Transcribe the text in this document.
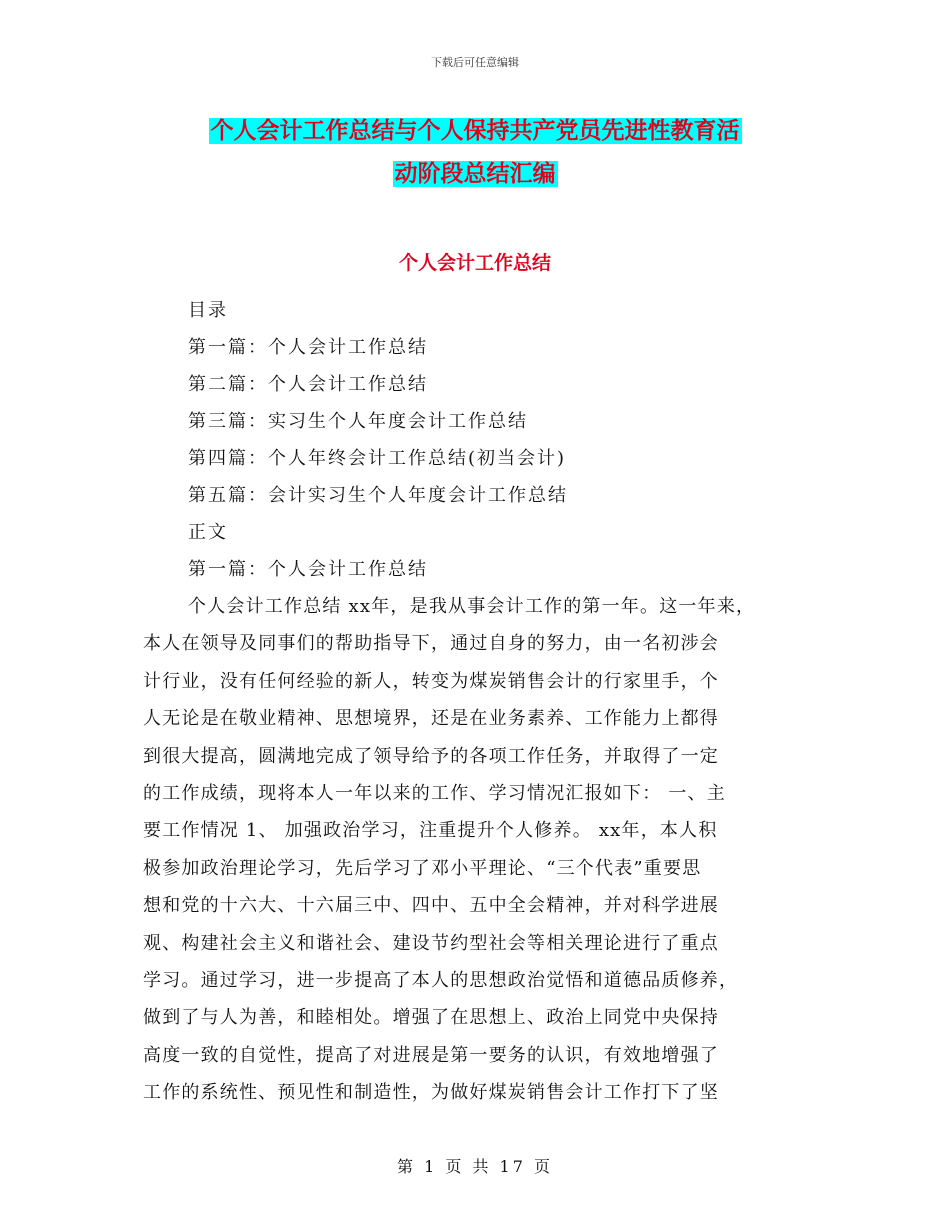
下载后可任意编辑
个人会计工作总结与个人保持共产党员先进性教育活
动阶段总结汇编
个人会计工作总结
目录
第一篇：个人会计工作总结
第二篇：个人会计工作总结
第三篇：实习生个人年度会计工作总结
第四篇：个人年终会计工作总结(初当会计)
第五篇：会计实习生个人年度会计工作总结
正文
第一篇：个人会计工作总结
个人会计工作总结 xx年，是我从事会计工作的第一年。这一年来，
本人在领导及同事们的帮助指导下，通过自身的努力，由一名初涉会
计行业，没有任何经验的新人，转变为煤炭销售会计的行家里手，个
人无论是在敬业精神、思想境界，还是在业务素养、工作能力上都得
到很大提高，圆满地完成了领导给予的各项工作任务，并取得了一定
的工作成绩，现将本人一年以来的工作、学习情况汇报如下： 一、主
要工作情况 1、 加强政治学习，注重提升个人修养。 xx年，本人积
极参加政治理论学习，先后学习了邓小平理论、“三个代表”重要思
想和党的十六大、十六届三中、四中、五中全会精神，并对科学进展
观、构建社会主义和谐社会、建设节约型社会等相关理论进行了重点
学习。通过学习，进一步提高了本人的思想政治觉悟和道德品质修养，
做到了与人为善，和睦相处。增强了在思想上、政治上同党中央保持
高度一致的自觉性，提高了对进展是第一要务的认识，有效地增强了
工作的系统性、预见性和制造性，为做好煤炭销售会计工作打下了坚
第 1 页 共 17 页
